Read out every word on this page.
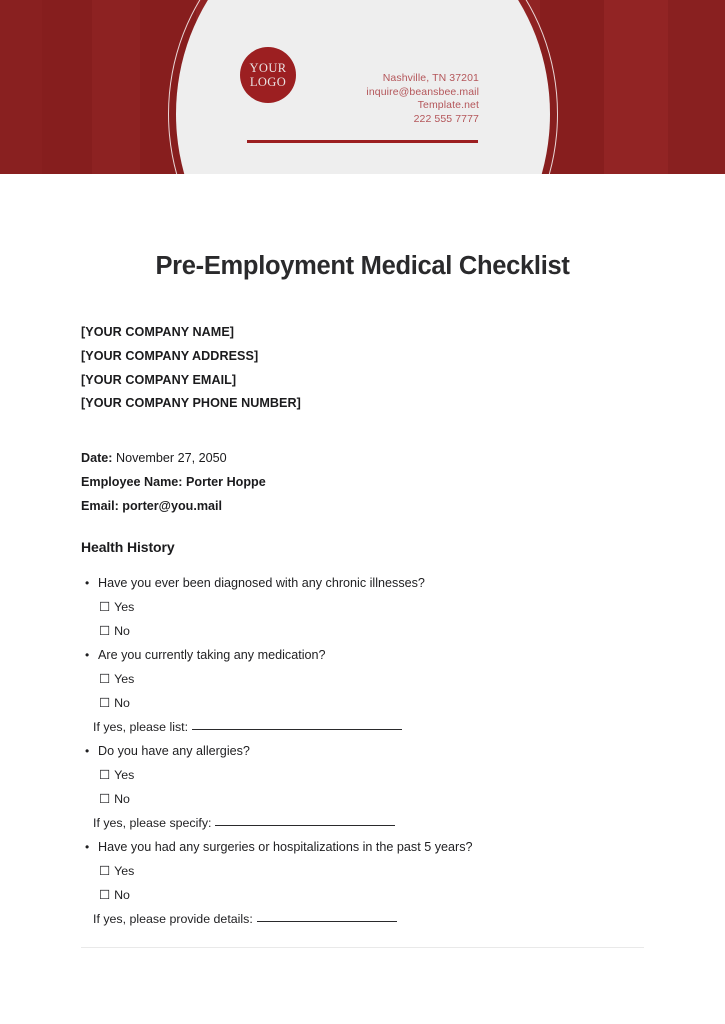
YOUR
LOGO	Nashville, TN 37201
inquire@beansbee.mail
Template.net
222 555 7777
Pre-Employment Medical Checklist
[YOUR COMPANY NAME]
[YOUR COMPANY ADDRESS]
[YOUR COMPANY EMAIL]
[YOUR COMPANY PHONE NUMBER]
Date: November 27, 2050
Employee Name: Porter Hoppe
Email: porter@you.mail
Health History
• Have you ever been diagnosed with any chronic illnesses?
☐ Yes
☐ No
• Are you currently taking any medication?
☐ Yes
☐ No
If yes, please list:
• Do you have any allergies?
☐ Yes
☐ No
If yes, please specify:
• Have you had any surgeries or hospitalizations in the past 5 years?
☐ Yes
☐ No
If yes, please provide details:
